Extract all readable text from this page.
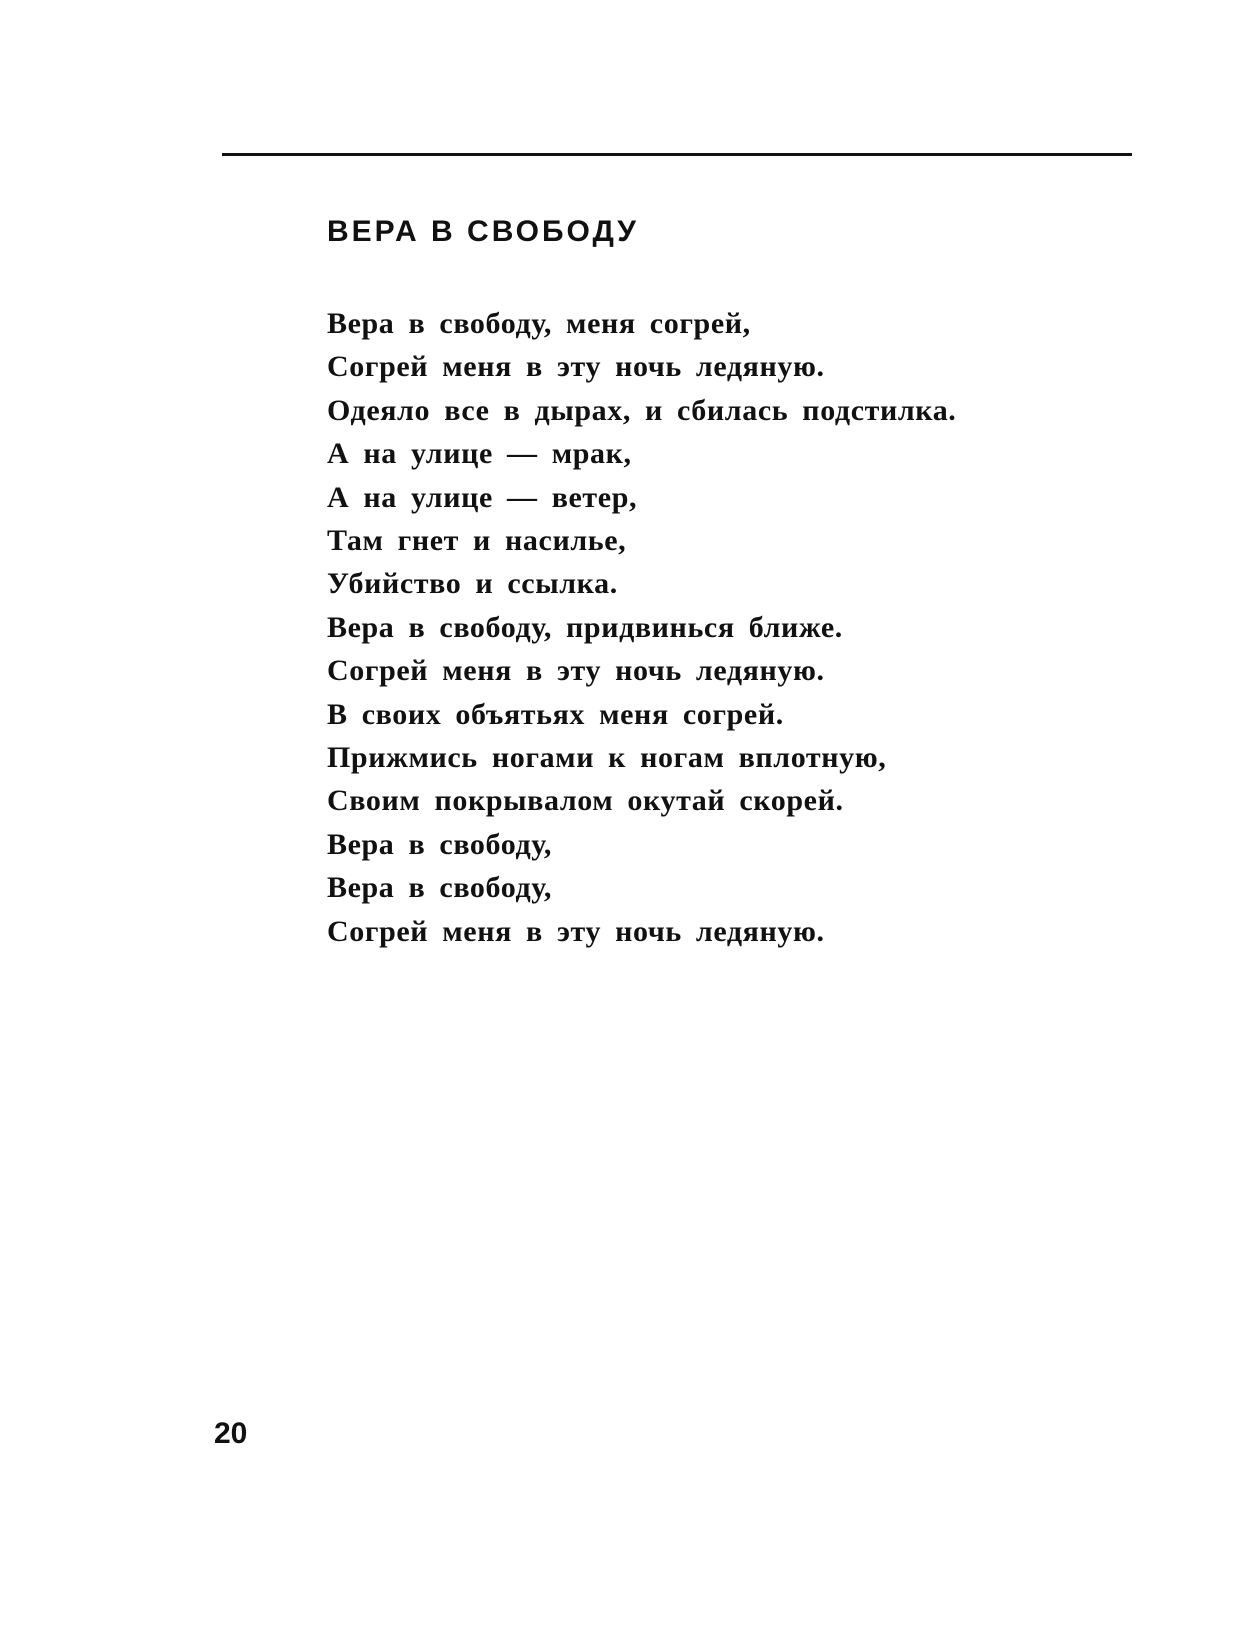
ВЕРА В СВОБОДУ
Вера в свободу, меня согрей,
Согрей меня в эту ночь ледяную.
Одеяло все в дырах, и сбилась подстилка.
А на улице — мрак,
А на улице — ветер,
Там гнет и насилье,
Убийство и ссылка.
Вера в свободу, придвинься ближе.
Согрей меня в эту ночь ледяную.
В своих объятьях меня согрей.
Прижмись ногами к ногам вплотную,
Своим покрывалом окутай скорей.
Вера в свободу,
Вера в свободу,
Согрей меня в эту ночь ледяную.
20
